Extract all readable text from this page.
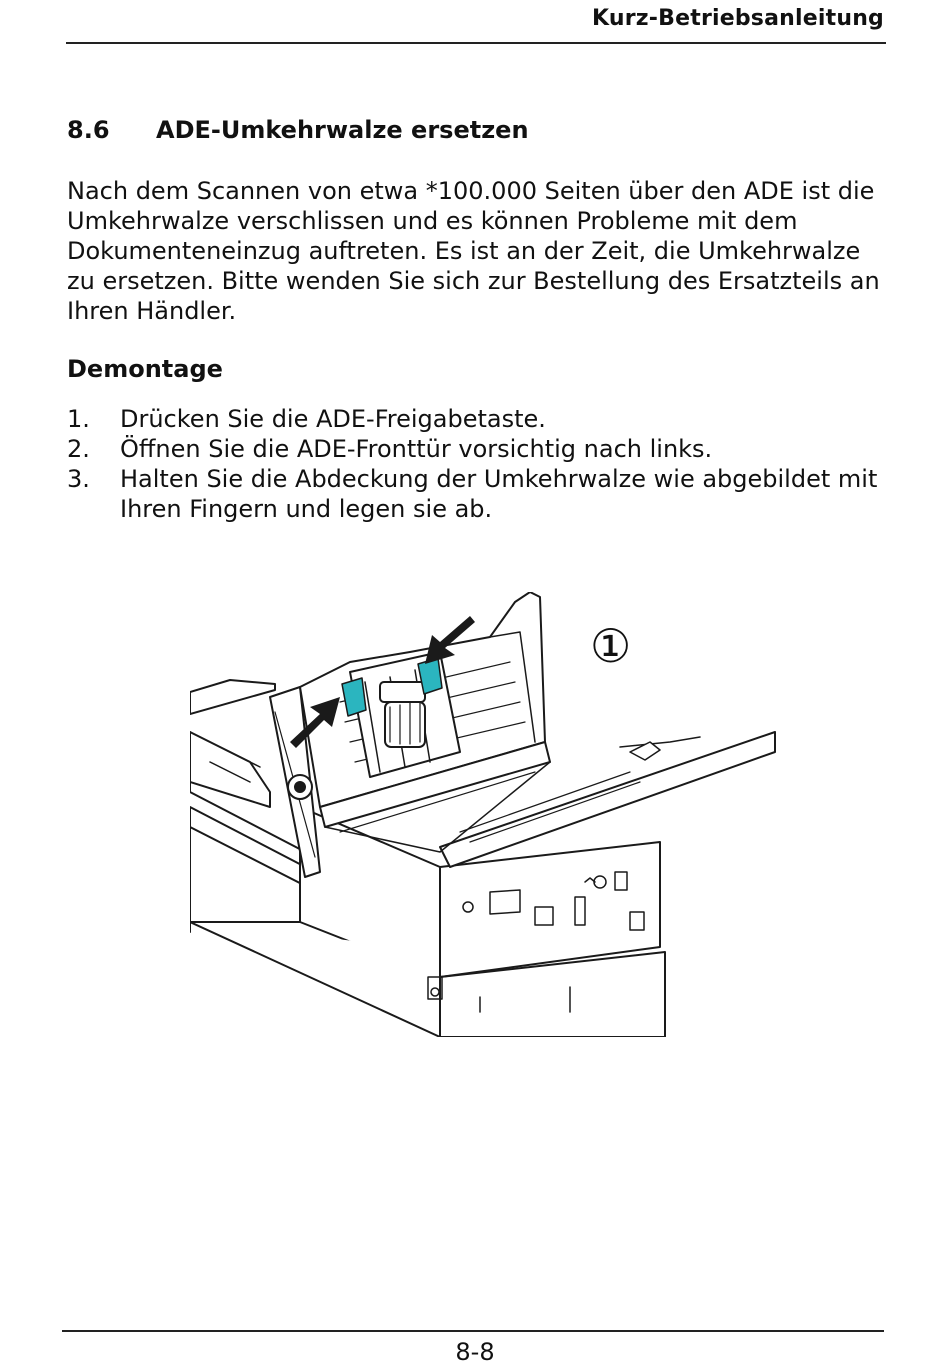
Kurz-Betriebsanleitung
8.6 ADE-Umkehrwalze ersetzen

Nach dem Scannen von etwa *100.000 Seiten über den ADE ist die Umkehrwalze verschlissen und es können Probleme mit dem Dokumenteneinzug auftreten. Es ist an der Zeit, die Umkehrwalze zu ersetzen. Bitte wenden Sie sich zur Bestellung des Ersatzteils an Ihren Händler.

Demontage
1.	Drücken Sie die ADE-Freigabetaste.
2.	Öffnen Sie die ADE-Fronttür vorsichtig nach links.
3.	Halten Sie die Abdeckung der Umkehrwalze wie abgebildet mit Ihren Fingern und legen sie ab.
①
8-8
